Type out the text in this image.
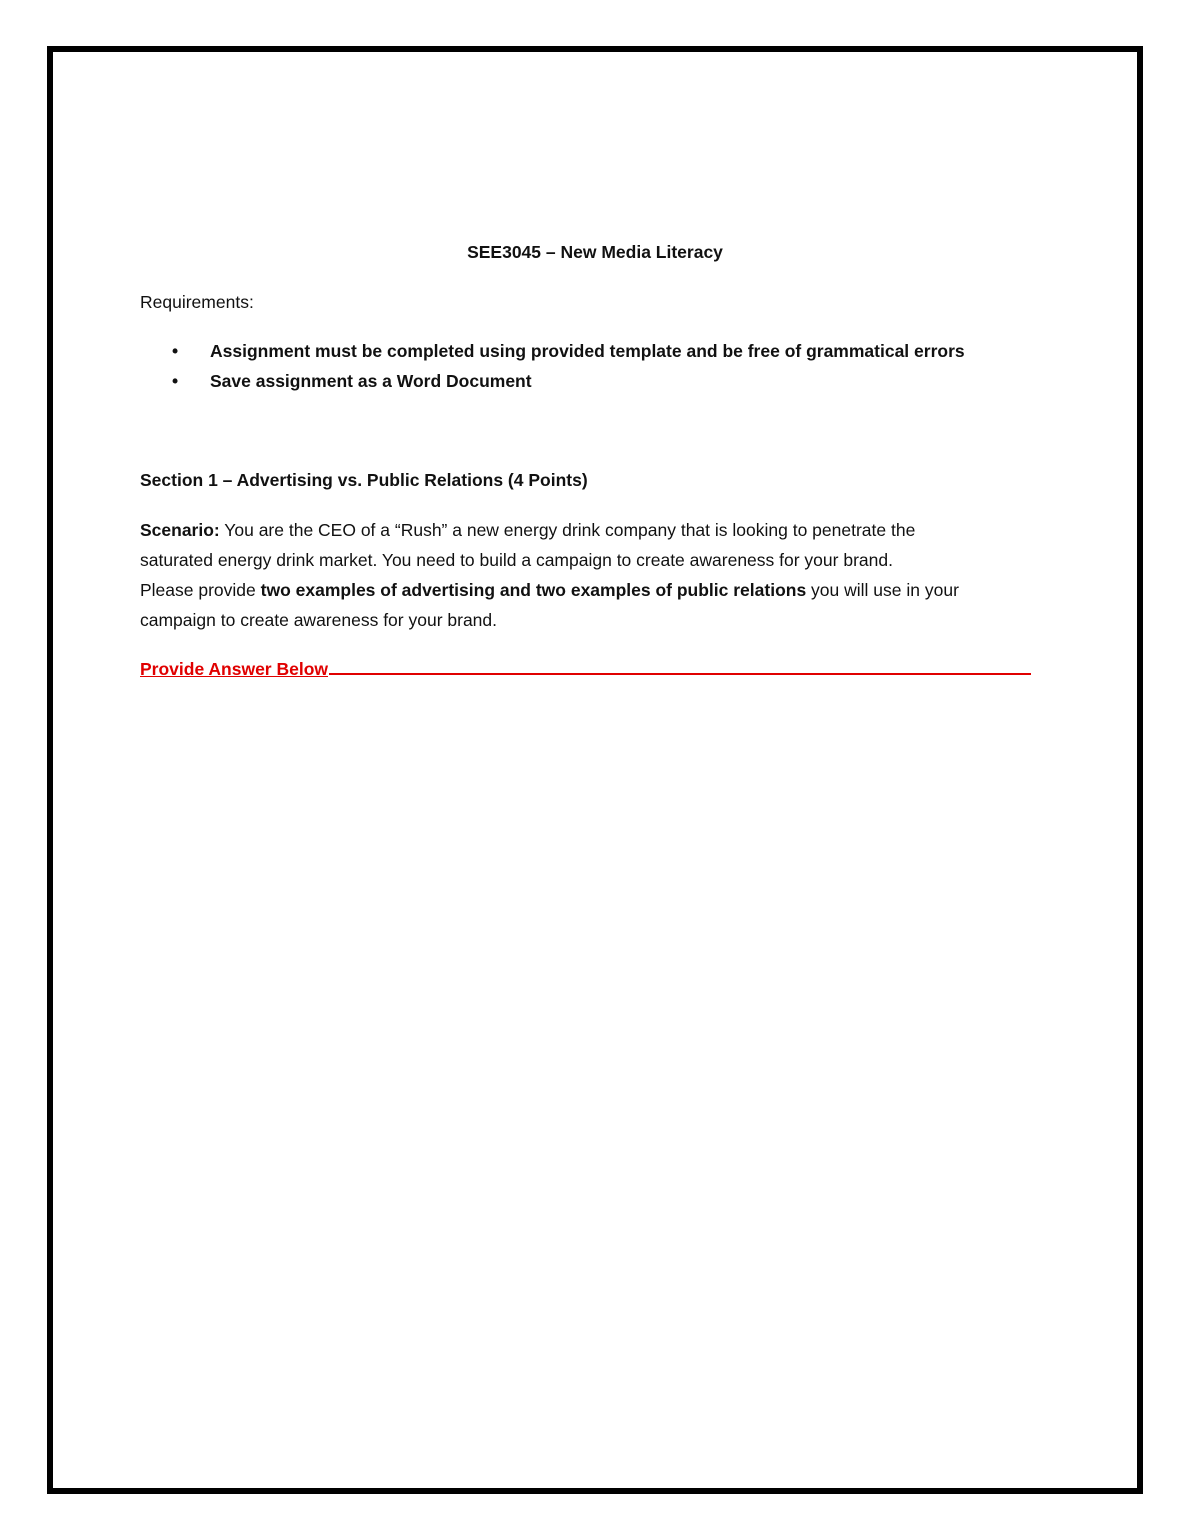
SEE3045 – New Media Literacy
Requirements:
• Assignment must be completed using provided template and be free of grammatical errors
• Save assignment as a Word Document
Section 1 – Advertising vs. Public Relations (4 Points)
Scenario: You are the CEO of a “Rush” a new energy drink company that is looking to penetrate the
saturated energy drink market. You need to build a campaign to create awareness for your brand.
Please provide two examples of advertising and two examples of public relations you will use in your
campaign to create awareness for your brand.
Provide Answer Below
